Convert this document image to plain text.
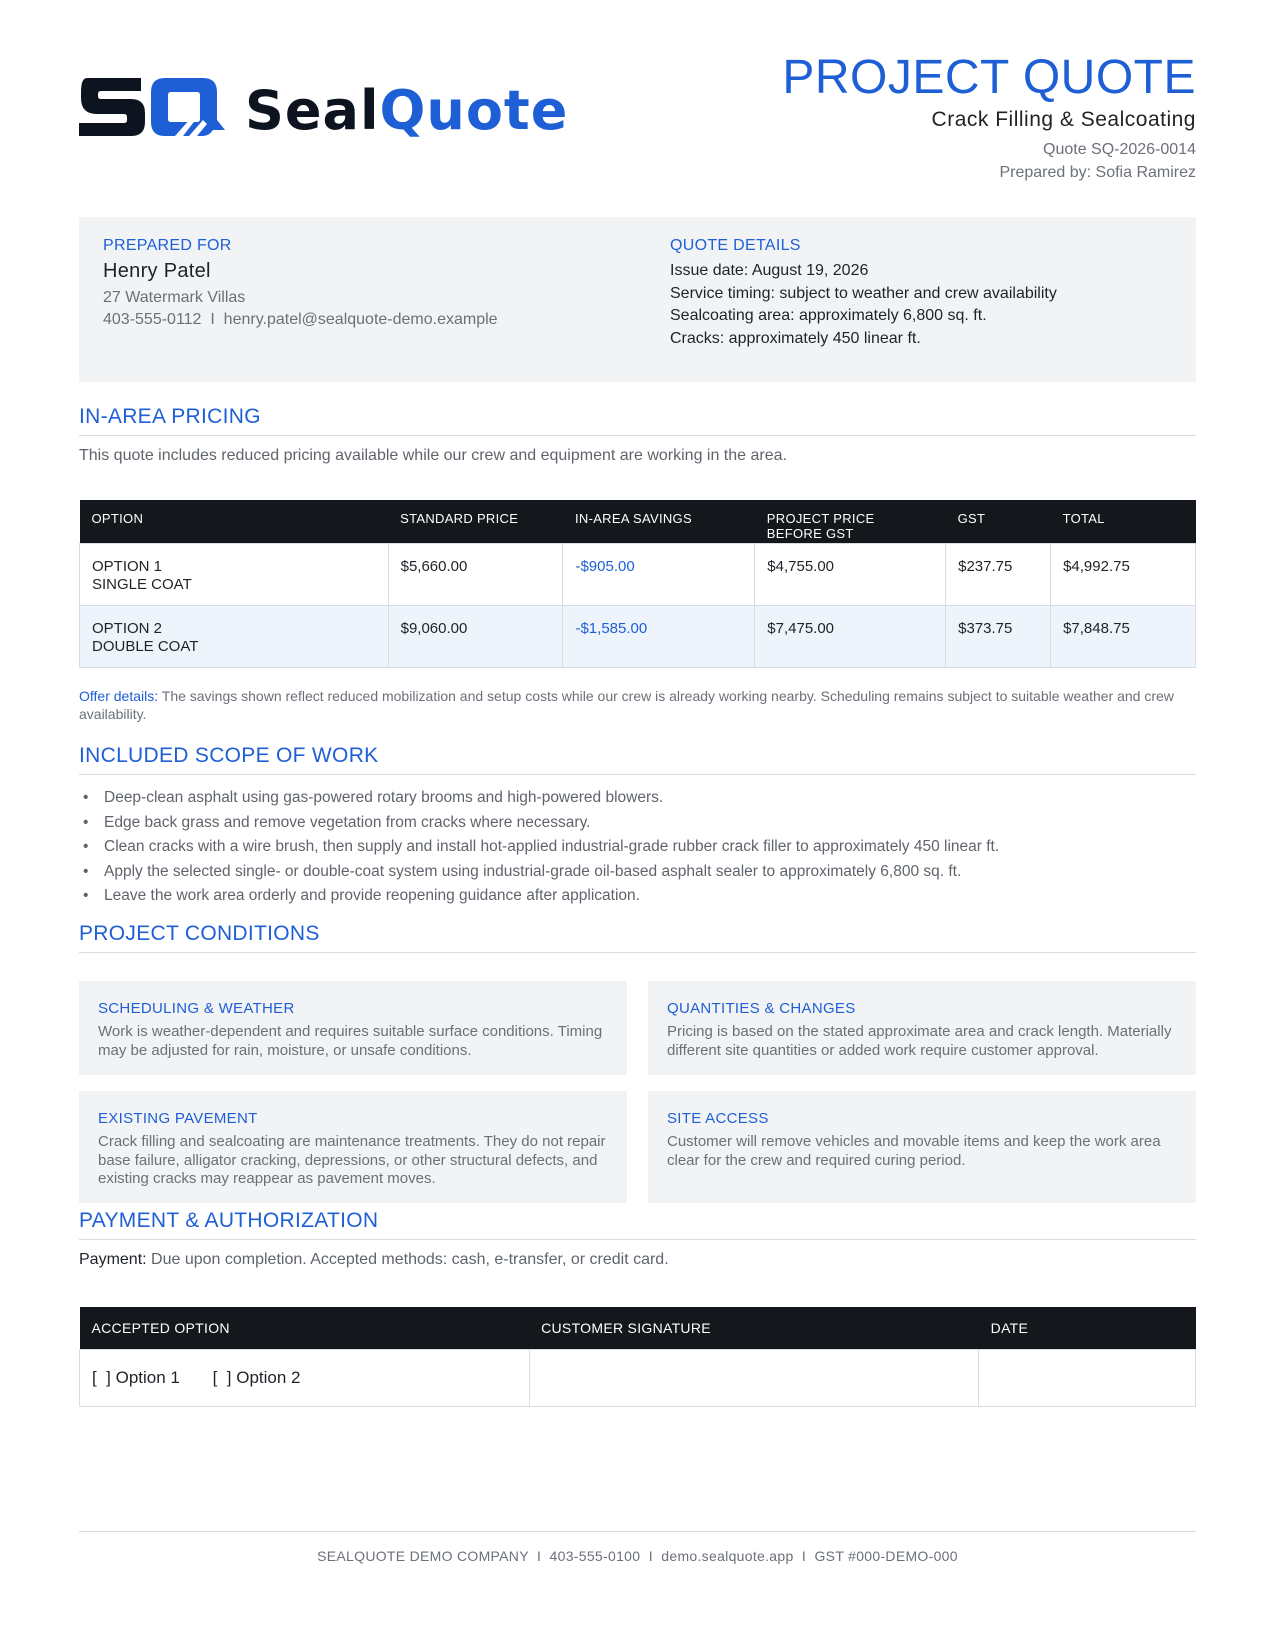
SealQuote
PROJECT QUOTE
Crack Filling & Sealcoating
Quote SQ-2026-0014
Prepared by: Sofia Ramirez
PREPARED FOR
Henry Patel
27 Watermark Villas
403-555-0112  I  henry.patel@sealquote-demo.example
QUOTE DETAILS
Issue date: August 19, 2026
Service timing: subject to weather and crew availability
Sealcoating area: approximately 6,800 sq. ft.
Cracks: approximately 450 linear ft.
IN-AREA PRICING
This quote includes reduced pricing available while our crew and equipment are working in the area.
OPTION	STANDARD PRICE	IN-AREA SAVINGS	PROJECT PRICE BEFORE GST	GST	TOTAL

OPTION 1
SINGLE COAT	$5,660.00	-$905.00	$4,755.00	$237.75	$4,992.75

OPTION 2
DOUBLE COAT	$9,060.00	-$1,585.00	$7,475.00	$373.75	$7,848.75
Offer details: The savings shown reflect reduced mobilization and setup costs while our crew is already working nearby. Scheduling remains subject to suitable weather and crew availability.
INCLUDED SCOPE OF WORK
• Deep-clean asphalt using gas-powered rotary brooms and high-powered blowers.
• Edge back grass and remove vegetation from cracks where necessary.
• Clean cracks with a wire brush, then supply and install hot-applied industrial-grade rubber crack filler to approximately 450 linear ft.
• Apply the selected single- or double-coat system using industrial-grade oil-based asphalt sealer to approximately 6,800 sq. ft.
• Leave the work area orderly and provide reopening guidance after application.
PROJECT CONDITIONS
SCHEDULING & WEATHER
Work is weather-dependent and requires suitable surface conditions. Timing may be adjusted for rain, moisture, or unsafe conditions.
QUANTITIES & CHANGES
Pricing is based on the stated approximate area and crack length. Materially different site quantities or added work require customer approval.
EXISTING PAVEMENT
Crack filling and sealcoating are maintenance treatments. They do not repair base failure, alligator cracking, depressions, or other structural defects, and existing cracks may reappear as pavement moves.
SITE ACCESS
Customer will remove vehicles and movable items and keep the work area clear for the crew and required curing period.
PAYMENT & AUTHORIZATION
Payment: Due upon completion. Accepted methods: cash, e-transfer, or credit card.
ACCEPTED OPTION	CUSTOMER SIGNATURE	DATE
[  ] Option 1 [  ] Option 2		
SEALQUOTE DEMO COMPANY  I  403-555-0100  I  demo.sealquote.app  I  GST #000-DEMO-000
